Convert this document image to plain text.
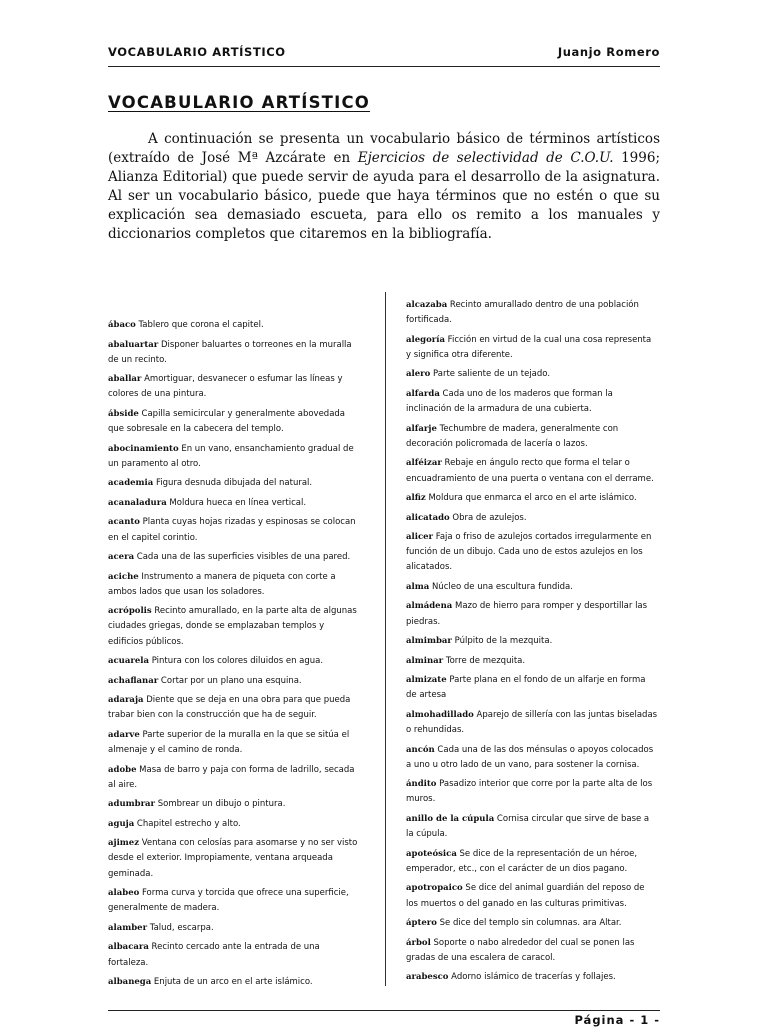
VOCABULARIO ARTÍSTICO	Juanjo Romero
VOCABULARIO ARTÍSTICO

A continuación se presenta un vocabulario básico de términos artísticos (extraído de José Mª Azcárate en Ejercicios de selectividad de C.O.U. 1996; Alianza Editorial) que puede servir de ayuda para el desarrollo de la asignatura. Al ser un vocabulario básico, puede que haya términos que no estén o que su explicación sea demasiado escueta, para ello os remito a los manuales y diccionarios completos que citaremos en la bibliografía.

ábaco Tablero que corona el capitel.

abaluartar Disponer baluartes o torreones en la muralla de un recinto.

aballar Amortiguar, desvanecer o esfumar las líneas y colores de una pintura.

ábside Capilla semicircular y generalmente abovedada que sobresale en la cabecera del templo.

abocinamiento En un vano, ensanchamiento gradual de un paramento al otro.

academia Figura desnuda dibujada del natural.

acanaladura Moldura hueca en línea vertical.

acanto Planta cuyas hojas rizadas y espinosas se colocan en el capitel corintio.

acera Cada una de las superficies visibles de una pared.

aciche Instrumento a manera de piqueta con corte a ambos lados que usan los soladores.

acrópolis Recinto amurallado, en la parte alta de algunas ciudades griegas, donde se emplazaban templos y edificios públicos.

acuarela Pintura con los colores diluidos en agua.

achaflanar Cortar por un plano una esquina.

adaraja Diente que se deja en una obra para que pueda trabar bien con la construcción que ha de seguir.

adarve Parte superior de la muralla en la que se sitúa el almenaje y el camino de ronda.

adobe Masa de barro y paja con forma de ladrillo, secada al aire.

adumbrar Sombrear un dibujo o pintura.

aguja Chapitel estrecho y alto.

ajimez Ventana con celosías para asomarse y no ser visto desde el exterior. Impropiamente, ventana arqueada geminada.

alabeo Forma curva y torcida que ofrece una superficie, generalmente de madera.

alamber Talud, escarpa.

albacara Recinto cercado ante la entrada de una fortaleza.

albanega Enjuta de un arco en el arte islámico.

alcazaba Recinto amurallado dentro de una población fortificada.

alegoría Ficción en virtud de la cual una cosa representa y significa otra diferente.

alero Parte saliente de un tejado.

alfarda Cada uno de los maderos que forman la inclinación de la armadura de una cubierta.

alfarje Techumbre de madera, generalmente con decoración policromada de lacería o lazos.

alféizar Rebaje en ángulo recto que forma el telar o encuadramiento de una puerta o ventana con el derrame.

alfiz Moldura que enmarca el arco en el arte islámico.

alicatado Obra de azulejos.

alicer Faja o friso de azulejos cortados irregularmente en función de un dibujo. Cada uno de estos azulejos en los alicatados.

alma Núcleo de una escultura fundida.

almádena Mazo de hierro para romper y desportillar las piedras.

almimbar Púlpito de la mezquita.

alminar Torre de mezquita.

almizate Parte plana en el fondo de un alfarje en forma de artesa

almohadillado Aparejo de sillería con las juntas biseladas o rehundidas.

ancón Cada una de las dos ménsulas o apoyos colocados a uno u otro lado de un vano, para sostener la cornisa.

ándito Pasadizo interior que corre por la parte alta de los muros.

anillo de la cúpula Cornisa circular que sirve de base a la cúpula.

apoteósica Se dice de la representación de un héroe, emperador, etc., con el carácter de un dios pagano.

apotropaico Se dice del animal guardián del reposo de los muertos o del ganado en las culturas primitivas.

áptero Se dice del templo sin columnas. ara Altar.

árbol Soporte o nabo alrededor del cual se ponen las gradas de una escalera de caracol.

arabesco Adorno islámico de tracerías y follajes.

Página - 1 -
